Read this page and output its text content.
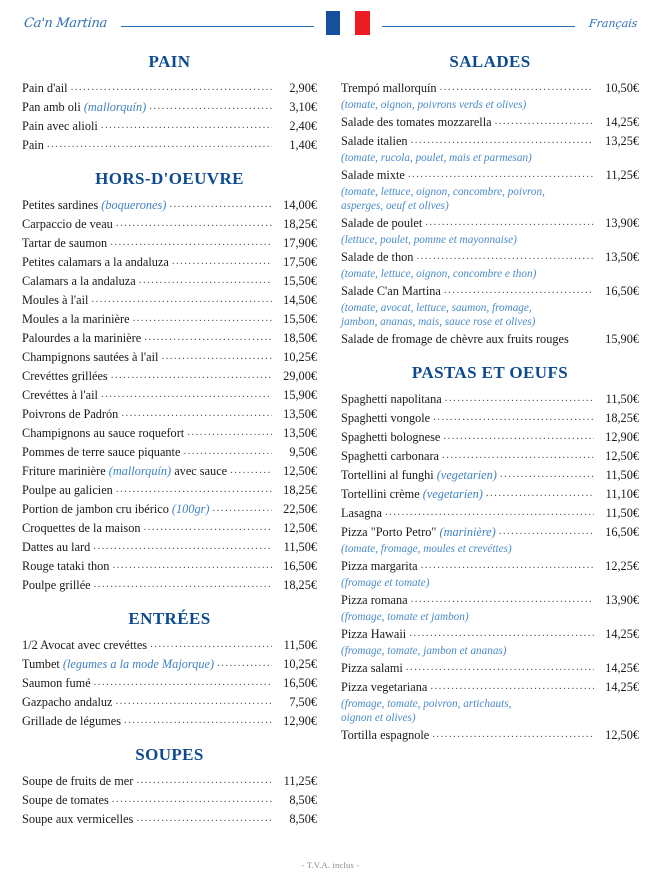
Ca'n Martina	Français
PAIN
Pain d'ail .....	2,90€
Pan amb oli (mallorquín) .....	3,10€
Pain avec alioli .....	2,40€
Pain .....	1,40€
HORS-D'OEUVRE
Petites sardines (boquerones) .....	14,00€
Carpaccio de veau .....	18,25€
Tartar de saumon .....	17,90€
Petites calamars a la andaluza .....	17,50€
Calamars a la andaluza .....	15,50€
Moules à l'ail .....	14,50€
Moules a la marinière .....	15,50€
Palourdes a la marinière .....	18,50€
Champignons sautées à l'ail .....	10,25€
Crevéttes grillées .....	29,00€
Crevéttes à l'ail .....	15,90€
Poivrons de Padrón .....	13,50€
Champignons au sauce roquefort .....	13,50€
Pommes de terre sauce piquante .....	9,50€
Friture marinière (mallorquín) avec sauce .....	12,50€
Poulpe au galicien .....	18,25€
Portion de jambon cru ibérico (100gr) .....	22,50€
Croquettes de la maison .....	12,50€
Dattes au lard .....	11,50€
Rouge tataki thon .....	16,50€
Poulpe grillée .....	18,25€
ENTRÉES
1/2 Avocat avec crevéttes .....	11,50€
Tumbet (legumes a la mode Majorque) .....	10,25€
Saumon fumé .....	16,50€
Gazpacho andaluz .....	7,50€
Grillade de légumes .....	12,90€
SOUPES
Soupe de fruits de mer .....	11,25€
Soupe de tomates .....	8,50€
Soupe aux vermicelles .....	8,50€
SALADES
Trempó mallorquín .....	10,50€
(tomate, oignon, poivrons verds et olives)
Salade des tomates mozzarella .....	14,25€
Salade italien .....	13,25€
(tomate, rucola, poulet, mais et parmesan)
Salade mixte .....	11,25€
(tomate, lettuce, oignon, concombre, poivron,
asperges, oeuf et olives)
Salade de poulet .....	13,90€
(lettuce, poulet, pomme et mayonnaise)
Salade de thon .....	13,50€
(tomate, lettuce, oignon, concombre e thon)
Salade C'an Martina .....	16,50€
(tomate, avocat, lettuce, saumon, fromage,
jambon, ananas, mais, sauce rose et olives)
Salade de fromage de chèvre aux fruits rouges	15,90€
PASTAS ET OEUFS
Spaghetti napolitana .....	11,50€
Spaghetti vongole .....	18,25€
Spaghetti bolognese .....	12,90€
Spaghetti carbonara .....	12,50€
Tortellini al funghi (vegetarien) .....	11,50€
Tortellini crème (vegetarien) .....	11,10€
Lasagna .....	11,50€
Pizza "Porto Petro" (marinière) .....	16,50€
(tomate, fromage, moules et crevéttes)
Pizza margarita .....	12,25€
(fromage et tomate)
Pizza romana .....	13,90€
(fromage, tomate et jambon)
Pizza Hawaii .....	14,25€
(fromage, tomate, jambon et ananas)
Pizza salami .....	14,25€
Pizza vegetariana .....	14,25€
(fromage, tomate, poivron, artichauts,
oignon et olives)
Tortilla espagnole .....	12,50€
- T.V.A. inclus -
